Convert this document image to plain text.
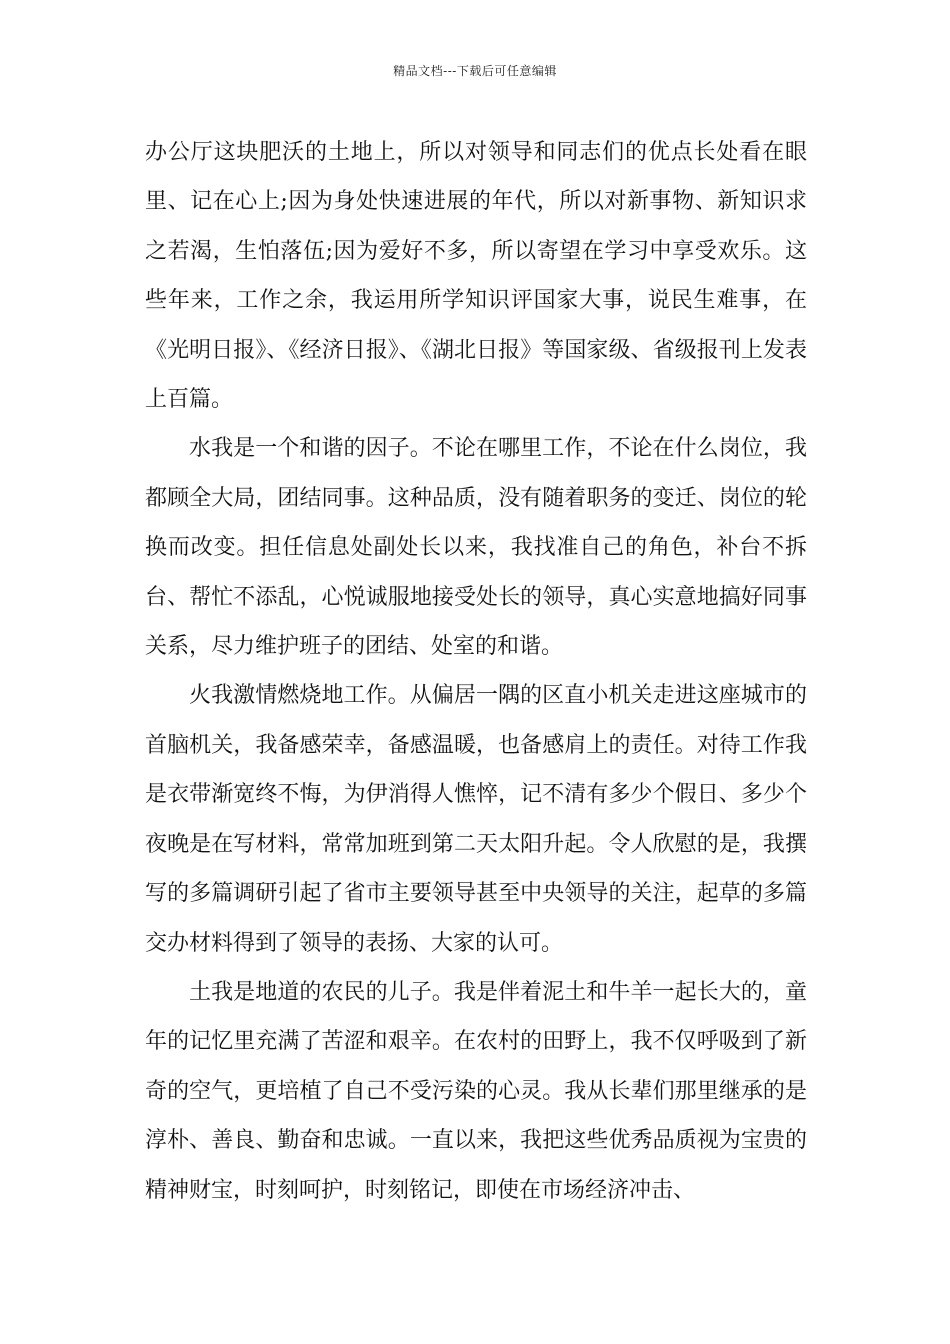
精品文档---下载后可任意编辑

办公厅这块肥沃的土地上，所以对领导和同志们的优点长处看在眼里、记在心上;因为身处快速进展的年代，所以对新事物、新知识求之若渴，生怕落伍;因为爱好不多，所以寄望在学习中享受欢乐。这些年来，工作之余，我运用所学知识评国家大事，说民生难事，在《光明日报》、《经济日报》、《湖北日报》等国家级、省级报刊上发表上百篇。

水我是一个和谐的因子。不论在哪里工作，不论在什么岗位，我都顾全大局，团结同事。这种品质，没有随着职务的变迁、岗位的轮换而改变。担任信息处副处长以来，我找准自己的角色，补台不拆台、帮忙不添乱，心悦诚服地接受处长的领导，真心实意地搞好同事关系，尽力维护班子的团结、处室的和谐。

火我激情燃烧地工作。从偏居一隅的区直小机关走进这座城市的首脑机关，我备感荣幸，备感温暖，也备感肩上的责任。对待工作我是衣带渐宽终不悔，为伊消得人憔悴，记不清有多少个假日、多少个夜晚是在写材料，常常加班到第二天太阳升起。令人欣慰的是，我撰写的多篇调研引起了省市主要领导甚至中央领导的关注，起草的多篇交办材料得到了领导的表扬、大家的认可。

土我是地道的农民的儿子。我是伴着泥土和牛羊一起长大的，童年的记忆里充满了苦涩和艰辛。在农村的田野上，我不仅呼吸到了新奇的空气，更培植了自己不受污染的心灵。我从长辈们那里继承的是淳朴、善良、勤奋和忠诚。一直以来，我把这些优秀品质视为宝贵的精神财宝，时刻呵护，时刻铭记，即使在市场经济冲击、
